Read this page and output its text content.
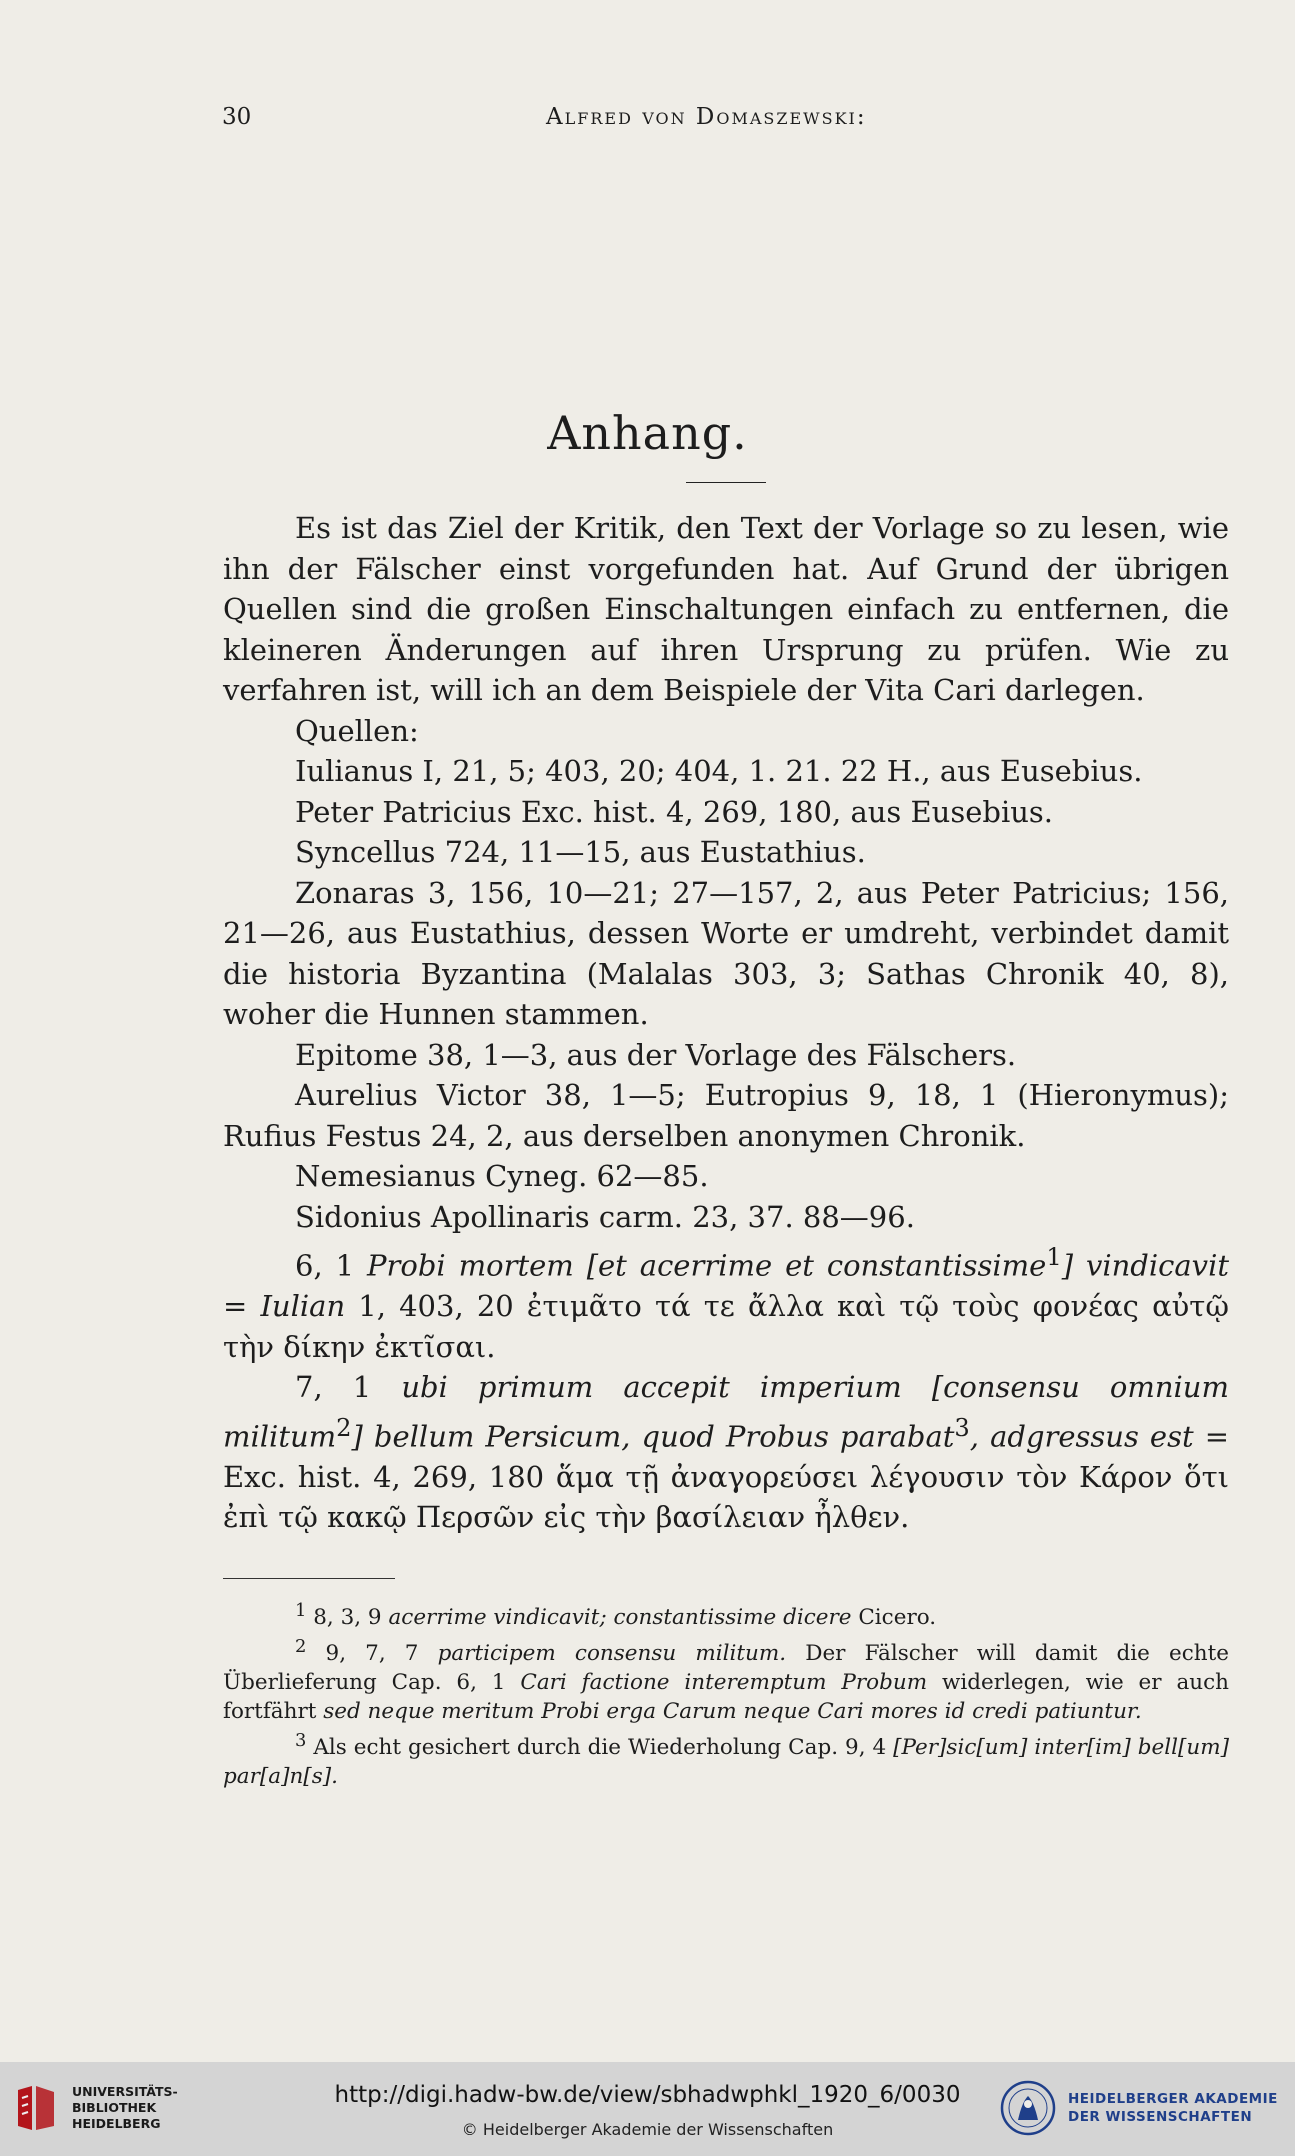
30	Alfred von Domaszewski:
Anhang.

Es ist das Ziel der Kritik, den Text der Vorlage so zu lesen, wie ihn der Fälscher einst vorgefunden hat. Auf Grund der übrigen Quellen sind die großen Einschaltungen einfach zu entfernen, die kleineren Änderungen auf ihren Ursprung zu prüfen. Wie zu verfahren ist, will ich an dem Beispiele der Vita Cari darlegen.

Quellen:

Iulianus I, 21, 5; 403, 20; 404, 1. 21. 22 H., aus Eusebius.

Peter Patricius Exc. hist. 4, 269, 180, aus Eusebius.

Syncellus 724, 11—15, aus Eustathius.

Zonaras 3, 156, 10—21; 27—157, 2, aus Peter Patricius; 156, 21—26, aus Eustathius, dessen Worte er umdreht, verbindet damit die historia Byzantina (Malalas 303, 3; Sathas Chronik 40, 8), woher die Hunnen stammen.

Epitome 38, 1—3, aus der Vorlage des Fälschers.

Aurelius Victor 38, 1—5; Eutropius 9, 18, 1 (Hieronymus); Rufius Festus 24, 2, aus derselben anonymen Chronik.

Nemesianus Cyneg. 62—85.

Sidonius Apollinaris carm. 23, 37. 88—96.

6, 1 Probi mortem [et acerrime et constantissime$^1$] vindicavit = Iulian 1, 403, 20 ἐτιμᾶτο τά τε ἄλλα καὶ τῷ τοὺς φονέας αὐτῷ τὴν δίκην ἐκτῖσαι.

7, 1 ubi primum accepit imperium [consensu omnium militum$^2$] bellum Persicum, quod Probus parabat$^3$, adgressus est = Exc. hist. 4, 269, 180 ἅμα τῇ ἀναγορεύσει λέγουσιν τὸν Κάρον ὅτι ἐπὶ τῷ κακῷ Περσῶν εἰς τὴν βασίλειαν ἦλθεν.

$^1$ 8, 3, 9 acerrime vindicavit; constantissime dicere Cicero.

$^2$ 9, 7, 7 participem consensu militum. Der Fälscher will damit die echte Überlieferung Cap. 6, 1 Cari factione interemptum Probum widerlegen, wie er auch fortfährt sed neque meritum Probi erga Carum neque Cari mores id credi patiuntur.

$^3$ Als echt gesichert durch die Wiederholung Cap. 9, 4 [Per]sic[um] inter[im] bell[um] par[a]n[s].

UNIVERSITÄTS-
BIBLIOTHEK
HEIDELBERG
http://digi.hadw-bw.de/view/sbhadwphkl_1920_6/0030
© Heidelberger Akademie der Wissenschaften
HEIDELBERGER AKADEMIE
DER WISSENSCHAFTEN
